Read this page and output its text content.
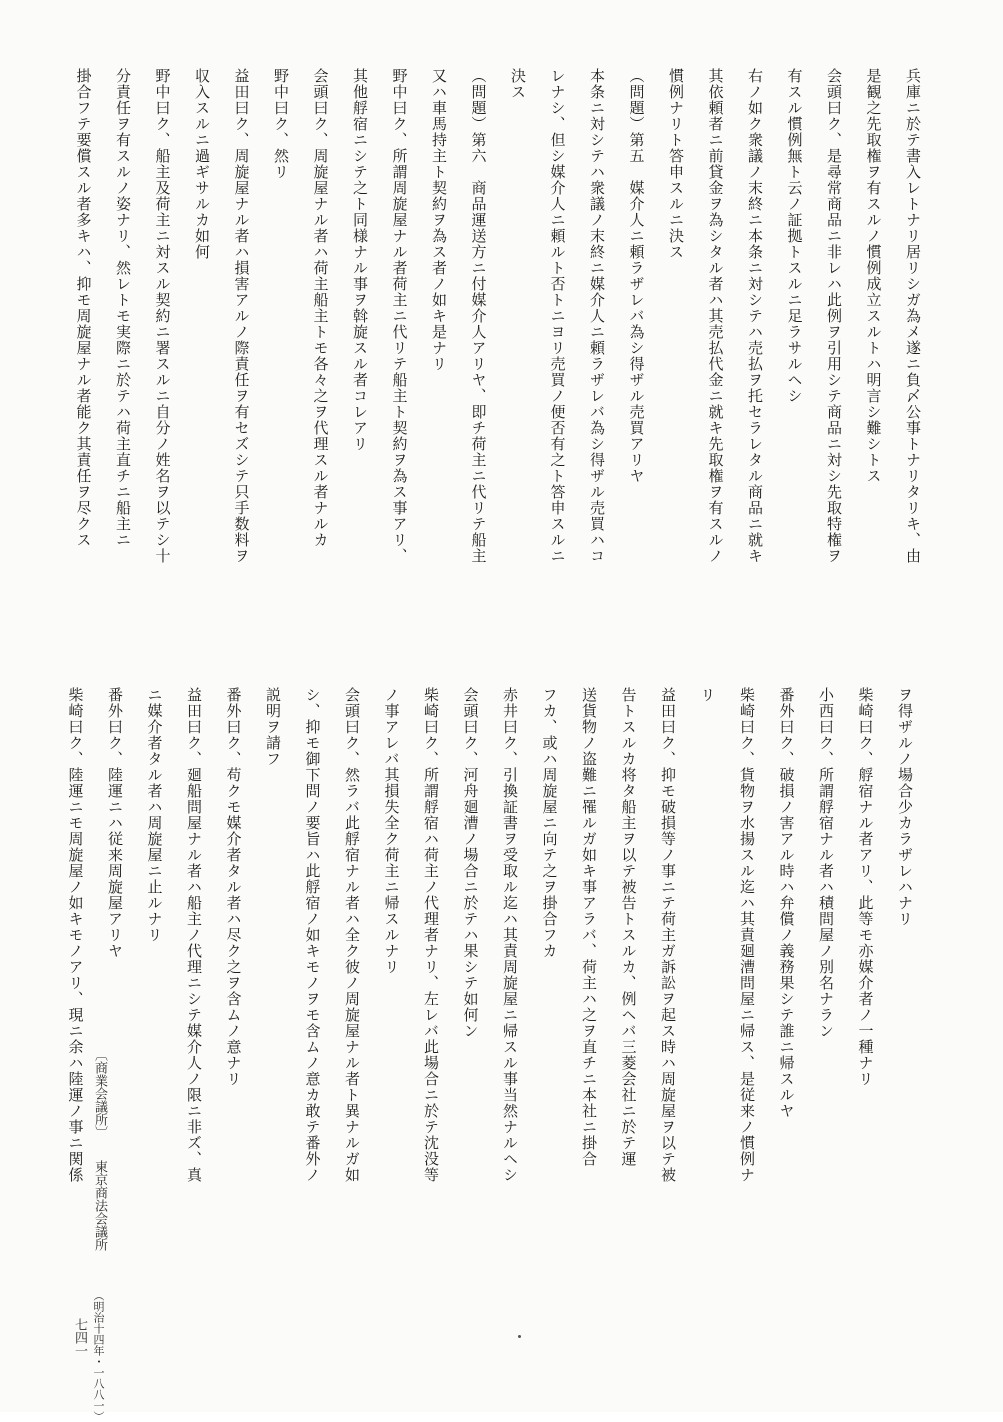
兵庫ニ於テ書入レトナリ居リシガ為メ遂ニ負〆公事トナリタリキ、由
是観之先取権ヲ有スルノ慣例成立スルトハ明言シ難シトス
会頭曰ク、是尋常商品ニ非レハ此例ヲ引用シテ商品ニ対シ先取特権ヲ
有スル慣例無ト云ノ証拠トスルニ足ラサルヘシ
右ノ如ク衆議ノ末終ニ本条ニ対シテハ売払ヲ托セラレタル商品ニ就キ
其依頼者ニ前貸金ヲ為シタル者ハ其売払代金ニ就キ先取権ヲ有スルノ
慣例ナリト答申スルニ決ス
（問題）第五　媒介人ニ頼ラザレバ為シ得ザル売買アリヤ
本条ニ対シテハ衆議ノ末終ニ媒介人ニ頼ラザレバ為シ得ザル売買ハコ
レナシ、但シ媒介人ニ頼ルト否トニヨリ売買ノ便否有之ト答申スルニ
決ス
（問題）第六　商品運送方ニ付媒介人アリヤ、即チ荷主ニ代リテ船主
又ハ車馬持主ト契約ヲ為ス者ノ如キ是ナリ
野中曰ク、所謂周旋屋ナル者荷主ニ代リテ船主ト契約ヲ為ス事アリ、
其他艀宿ニシテ之ト同様ナル事ヲ斡旋スル者コレアリ
会頭曰ク、周旋屋ナル者ハ荷主船主トモ各々之ヲ代理スル者ナルカ
野中曰ク、然リ
益田曰ク、周旋屋ナル者ハ損害アルノ際責任ヲ有セズシテ只手数料ヲ
収入スルニ過ギサルカ如何
野中曰ク、船主及荷主ニ対スル契約ニ署スルニ自分ノ姓名ヲ以テシ十
分責任ヲ有スルノ姿ナリ、然レトモ実際ニ於テハ荷主直チニ船主ニ
掛合フテ要償スル者多キハ、抑モ周旋屋ナル者能ク其責任ヲ尽クス
ヲ得ザルノ場合少カラザレハナリ
柴崎曰ク、艀宿ナル者アリ、此等モ亦媒介者ノ一種ナリ
小西曰ク、所謂艀宿ナル者ハ積問屋ノ別名ナラン
番外曰ク、破損ノ害アル時ハ弁償ノ義務果シテ誰ニ帰スルヤ
柴崎曰ク、貨物ヲ水揚スル迄ハ其責廻漕問屋ニ帰ス、是従来ノ慣例ナ
リ
益田曰ク、抑モ破損等ノ事ニテ荷主ガ訴訟ヲ起ス時ハ周旋屋ヲ以テ被
告トスルカ将タ船主ヲ以テ被告トスルカ、例ヘバ三菱会社ニ於テ運
送貨物ノ盗難ニ罹ルガ如キ事アラバ、荷主ハ之ヲ直チニ本社ニ掛合
フカ、或ハ周旋屋ニ向テ之ヲ掛合フカ
赤井曰ク、引換証書ヲ受取ル迄ハ其責周旋屋ニ帰スル事当然ナルヘシ
会頭曰ク、河舟廻漕ノ場合ニ於テハ果シテ如何ン
柴崎曰ク、所謂艀宿ハ荷主ノ代理者ナリ、左レバ此場合ニ於テ沈没等
ノ事アレバ其損失全ク荷主ニ帰スルナリ
会頭曰ク、然ラバ此艀宿ナル者ハ全ク彼ノ周旋屋ナル者ト異ナルガ如
シ、抑モ御下問ノ要旨ハ此艀宿ノ如キモノヲモ含ムノ意カ敢テ番外ノ
説明ヲ請フ
番外曰ク、苟クモ媒介者タル者ハ尽ク之ヲ含ムノ意ナリ
益田曰ク、廻船問屋ナル者ハ船主ノ代理ニシテ媒介人ノ限ニ非ズ、真
ニ媒介者タル者ハ周旋屋ニ止ルナリ
番外曰ク、陸運ニハ従来周旋屋アリヤ
柴崎曰ク、陸運ニモ周旋屋ノ如キモノアリ、現ニ余ハ陸運ノ事ニ関係 〔商業会議所〕
東京商法会議所
（明治十四年・一八八一）
七四一
